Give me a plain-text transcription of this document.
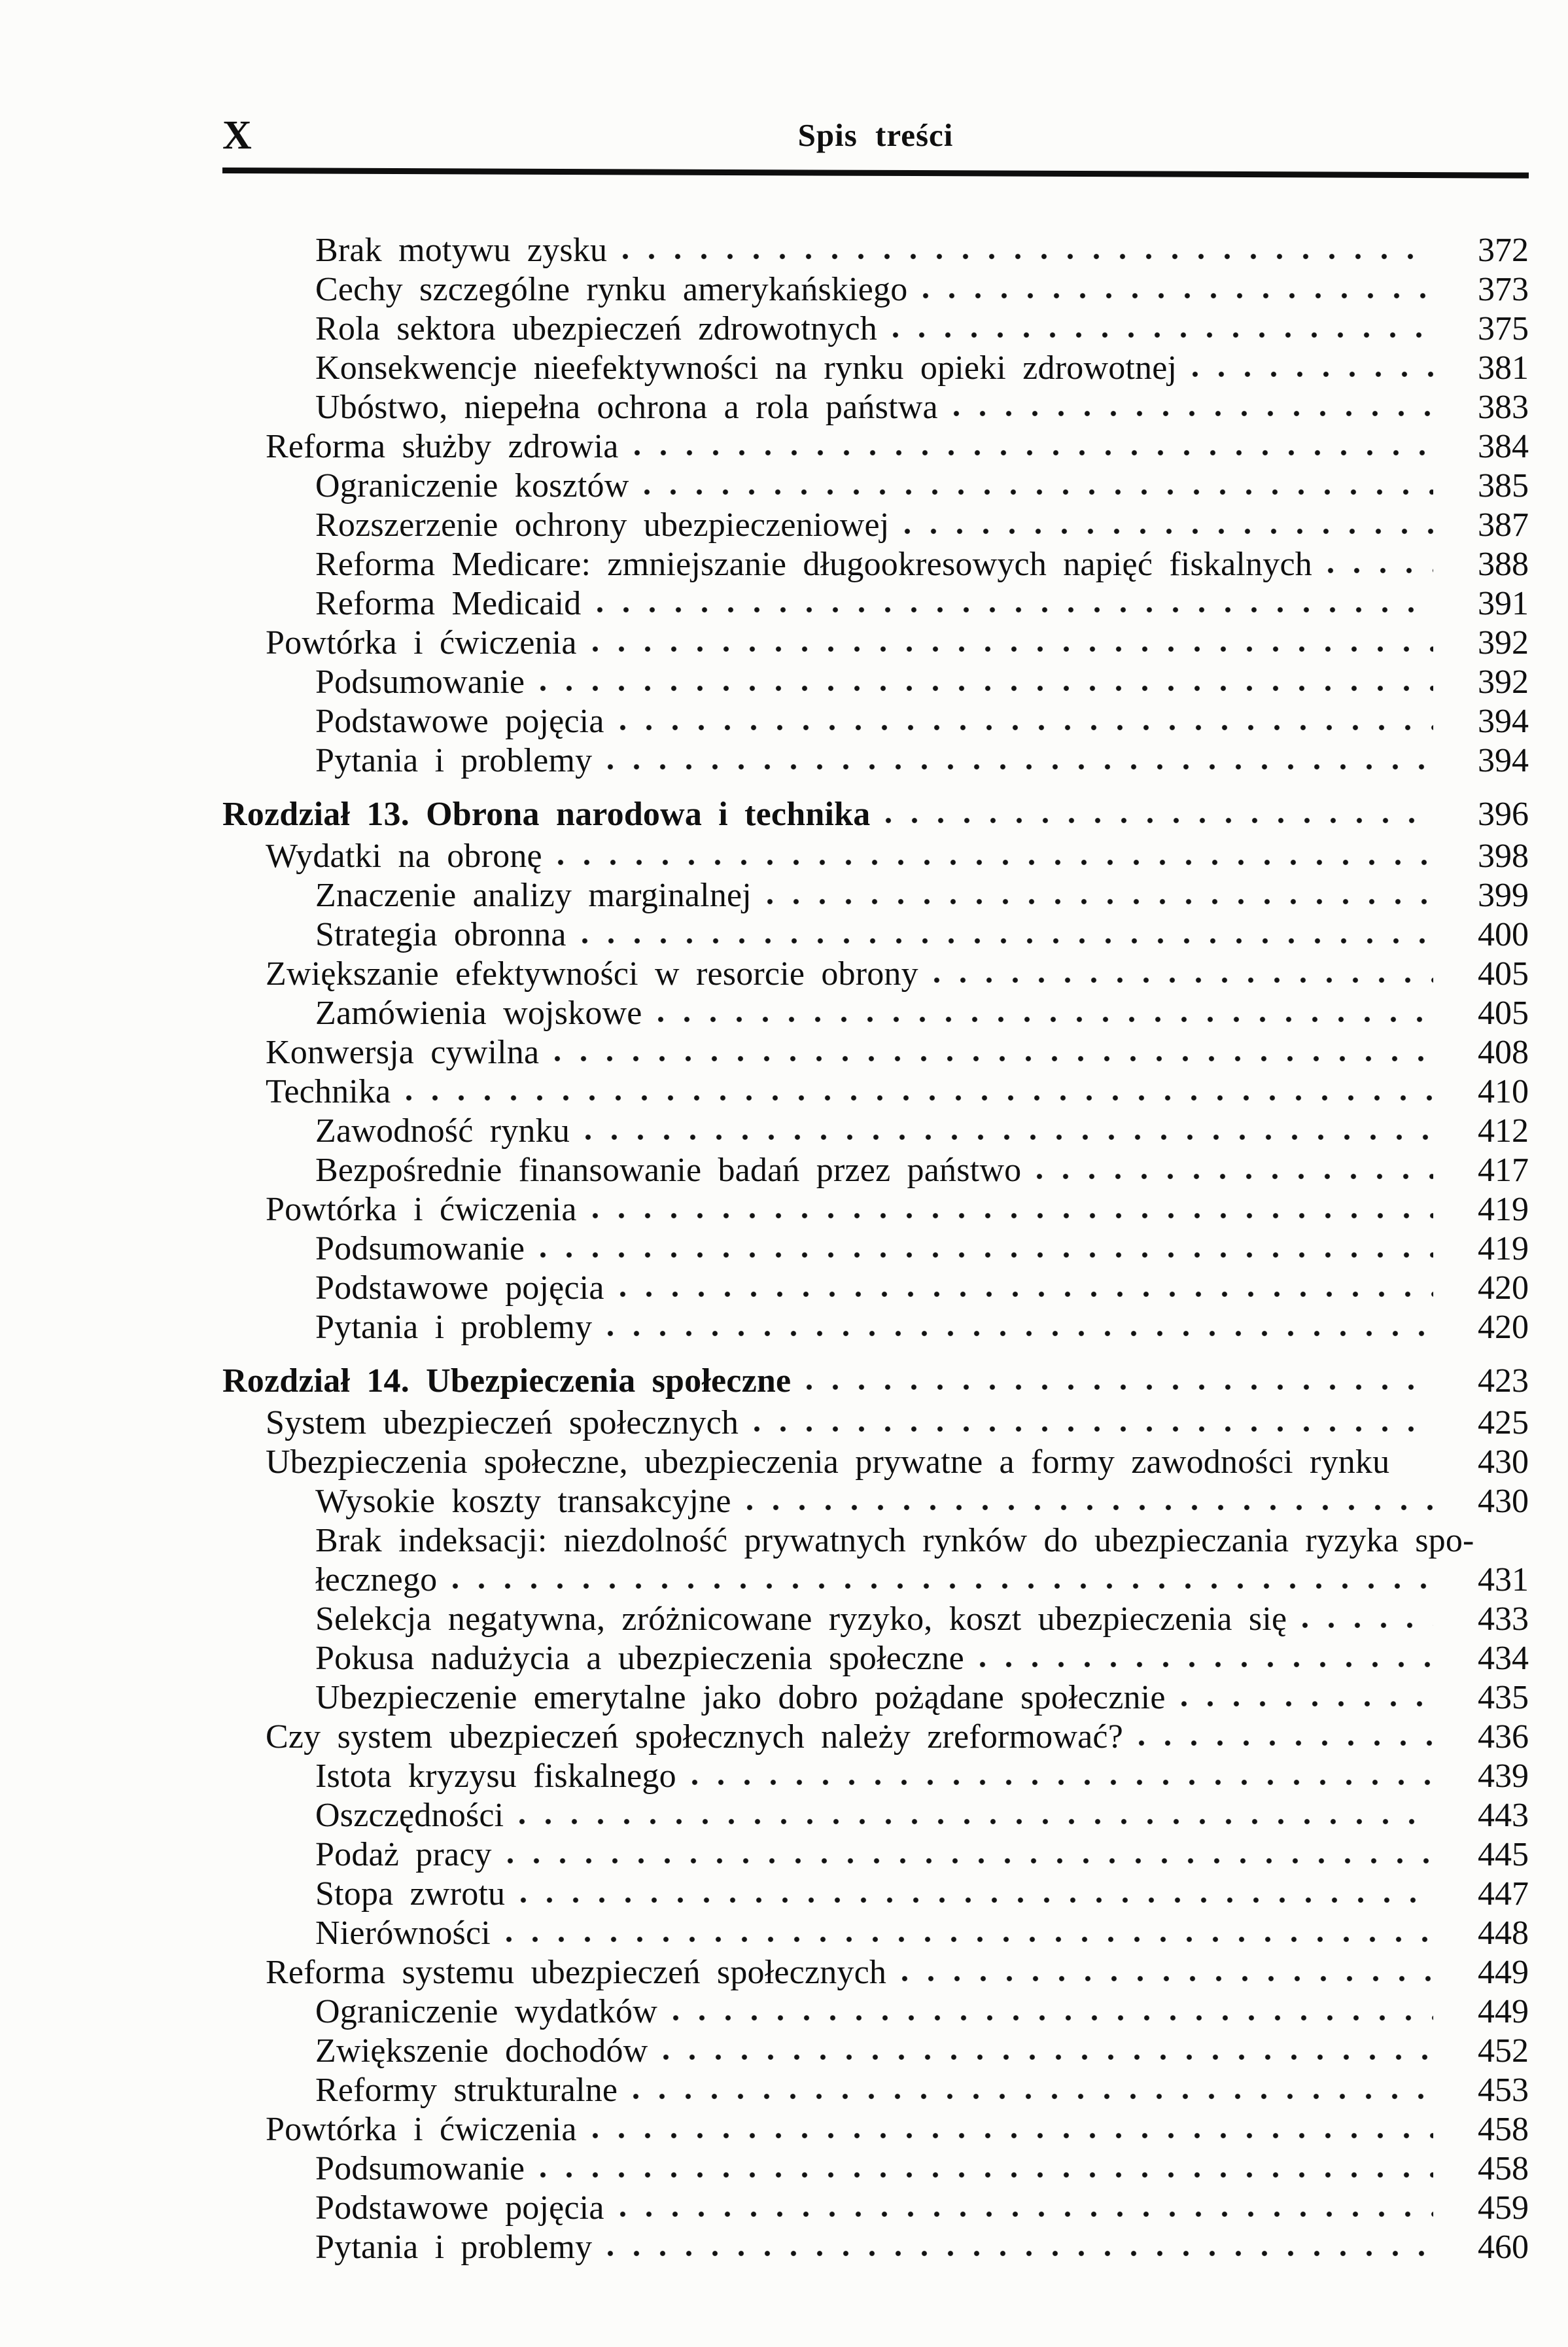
X	Spis treści
Brak motywu zysku	372
Cechy szczególne rynku amerykańskiego	373
Rola sektora ubezpieczeń zdrowotnych	375
Konsekwencje nieefektywności na rynku opieki zdrowotnej	381
Ubóstwo, niepełna ochrona a rola państwa	383
Reforma służby zdrowia	384
Ograniczenie kosztów	385
Rozszerzenie ochrony ubezpieczeniowej	387
Reforma Medicare: zmniejszanie długookresowych napięć fiskalnych	388
Reforma Medicaid	391
Powtórka i ćwiczenia	392
Podsumowanie	392
Podstawowe pojęcia	394
Pytania i problemy	394
Rozdział 13. Obrona narodowa i technika	396
Wydatki na obronę	398
Znaczenie analizy marginalnej	399
Strategia obronna	400
Zwiększanie efektywności w resorcie obrony	405
Zamówienia wojskowe	405
Konwersja cywilna	408
Technika	410
Zawodność rynku	412
Bezpośrednie finansowanie badań przez państwo	417
Powtórka i ćwiczenia	419
Podsumowanie	419
Podstawowe pojęcia	420
Pytania i problemy	420
Rozdział 14. Ubezpieczenia społeczne	423
System ubezpieczeń społecznych	425
Ubezpieczenia społeczne, ubezpieczenia prywatne a formy zawodności rynku	430
Wysokie koszty transakcyjne	430
Brak indeksacji: niezdolność prywatnych rynków do ubezpieczania ryzyka spo-
łecznego	431
Selekcja negatywna, zróżnicowane ryzyko, koszt ubezpieczenia się	433
Pokusa nadużycia a ubezpieczenia społeczne	434
Ubezpieczenie emerytalne jako dobro pożądane społecznie	435
Czy system ubezpieczeń społecznych należy zreformować?	436
Istota kryzysu fiskalnego	439
Oszczędności	443
Podaż pracy	445
Stopa zwrotu	447
Nierówności	448
Reforma systemu ubezpieczeń społecznych	449
Ograniczenie wydatków	449
Zwiększenie dochodów	452
Reformy strukturalne	453
Powtórka i ćwiczenia	458
Podsumowanie	458
Podstawowe pojęcia	459
Pytania i problemy	460
